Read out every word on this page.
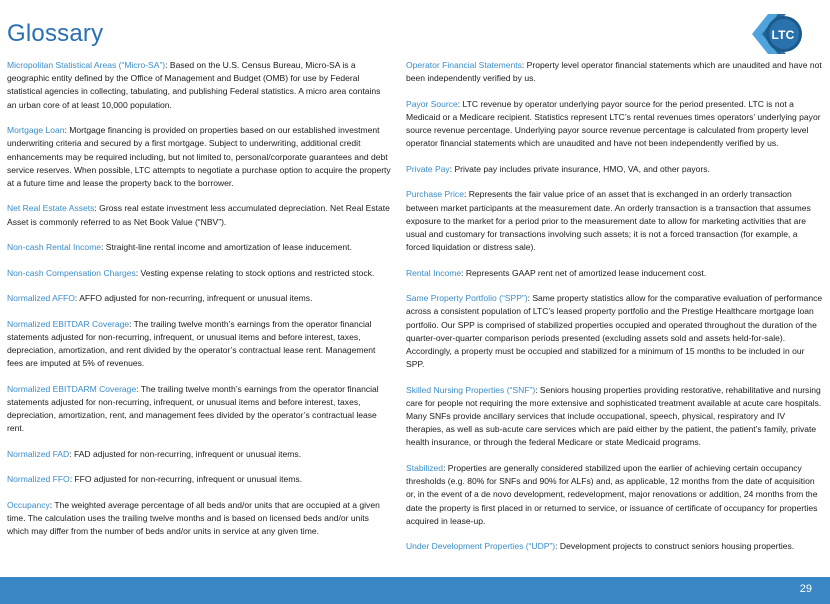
Glossary	LTC	REIT

Micropolitan Statistical Areas (“Micro-SA”): Based on the U.S. Census Bureau, Micro-SA is a geographic entity defined by the Office of Management and Budget (OMB) for use by Federal statistical agencies in collecting, tabulating, and publishing Federal statistics. A micro area contains an urban core of at least 10,000 population.

Mortgage Loan: Mortgage financing is provided on properties based on our established investment underwriting criteria and secured by a first mortgage. Subject to underwriting, additional credit enhancements may be required including, but not limited to, personal/corporate guarantees and debt service reserves. When possible, LTC attempts to negotiate a purchase option to acquire the property at a future time and lease the property back to the borrower.

Net Real Estate Assets: Gross real estate investment less accumulated depreciation. Net Real Estate Asset is commonly referred to as Net Book Value (“NBV”).

Non-cash Rental Income: Straight-line rental income and amortization of lease inducement.

Non-cash Compensation Charges: Vesting expense relating to stock options and restricted stock.

Normalized AFFO: AFFO adjusted for non-recurring, infrequent or unusual items.

Normalized EBITDAR Coverage: The trailing twelve month’s earnings from the operator financial statements adjusted for non-recurring, infrequent, or unusual items and before interest, taxes, depreciation, amortization, and rent divided by the operator’s contractual lease rent. Management fees are imputed at 5% of revenues.

Normalized EBITDARM Coverage: The trailing twelve month’s earnings from the operator financial statements adjusted for non-recurring, infrequent, or unusual items and before interest, taxes, depreciation, amortization, rent, and management fees divided by the operator’s contractual lease rent.

Normalized FAD: FAD adjusted for non-recurring, infrequent or unusual items.

Normalized FFO: FFO adjusted for non-recurring, infrequent or unusual items.

Occupancy: The weighted average percentage of all beds and/or units that are occupied at a given time. The calculation uses the trailing twelve months and is based on licensed beds and/or units which may differ from the number of beds and/or units in service at any given time.

Operator Financial Statements: Property level operator financial statements which are unaudited and have not been independently verified by us.

Payor Source: LTC revenue by operator underlying payor source for the period presented. LTC is not a Medicaid or a Medicare recipient. Statistics represent LTC’s rental revenues times operators’ underlying payor source revenue percentage. Underlying payor source revenue percentage is calculated from property level operator financial statements which are unaudited and have not been independently verified by us.

Private Pay: Private pay includes private insurance, HMO, VA, and other payors.

Purchase Price: Represents the fair value price of an asset that is exchanged in an orderly transaction between market participants at the measurement date. An orderly transaction is a transaction that assumes exposure to the market for a period prior to the measurement date to allow for marketing activities that are usual and customary for transactions involving such assets; it is not a forced transaction (for example, a forced liquidation or distress sale).

Rental Income: Represents GAAP rent net of amortized lease inducement cost.

Same Property Portfolio (“SPP”): Same property statistics allow for the comparative evaluation of performance across a consistent population of LTC’s leased property portfolio and the Prestige Healthcare mortgage loan portfolio. Our SPP is comprised of stabilized properties occupied and operated throughout the duration of the quarter-over-quarter comparison periods presented (excluding assets sold and assets held-for-sale). Accordingly, a property must be occupied and stabilized for a minimum of 15 months to be included in our SPP.

Skilled Nursing Properties (“SNF”): Seniors housing properties providing restorative, rehabilitative and nursing care for people not requiring the more extensive and sophisticated treatment available at acute care hospitals. Many SNFs provide ancillary services that include occupational, speech, physical, respiratory and IV therapies, as well as sub-acute care services which are paid either by the patient, the patient’s family, private health insurance, or through the federal Medicare or state Medicaid programs.

Stabilized: Properties are generally considered stabilized upon the earlier of achieving certain occupancy thresholds (e.g. 80% for SNFs and 90% for ALFs) and, as applicable, 12 months from the date of acquisition or, in the event of a de novo development, redevelopment, major renovations or addition, 24 months from the date the property is first placed in or returned to service, or issuance of certificate of occupancy for properties acquired in lease-up.

Under Development Properties (“UDP”): Development projects to construct seniors housing properties.

29
